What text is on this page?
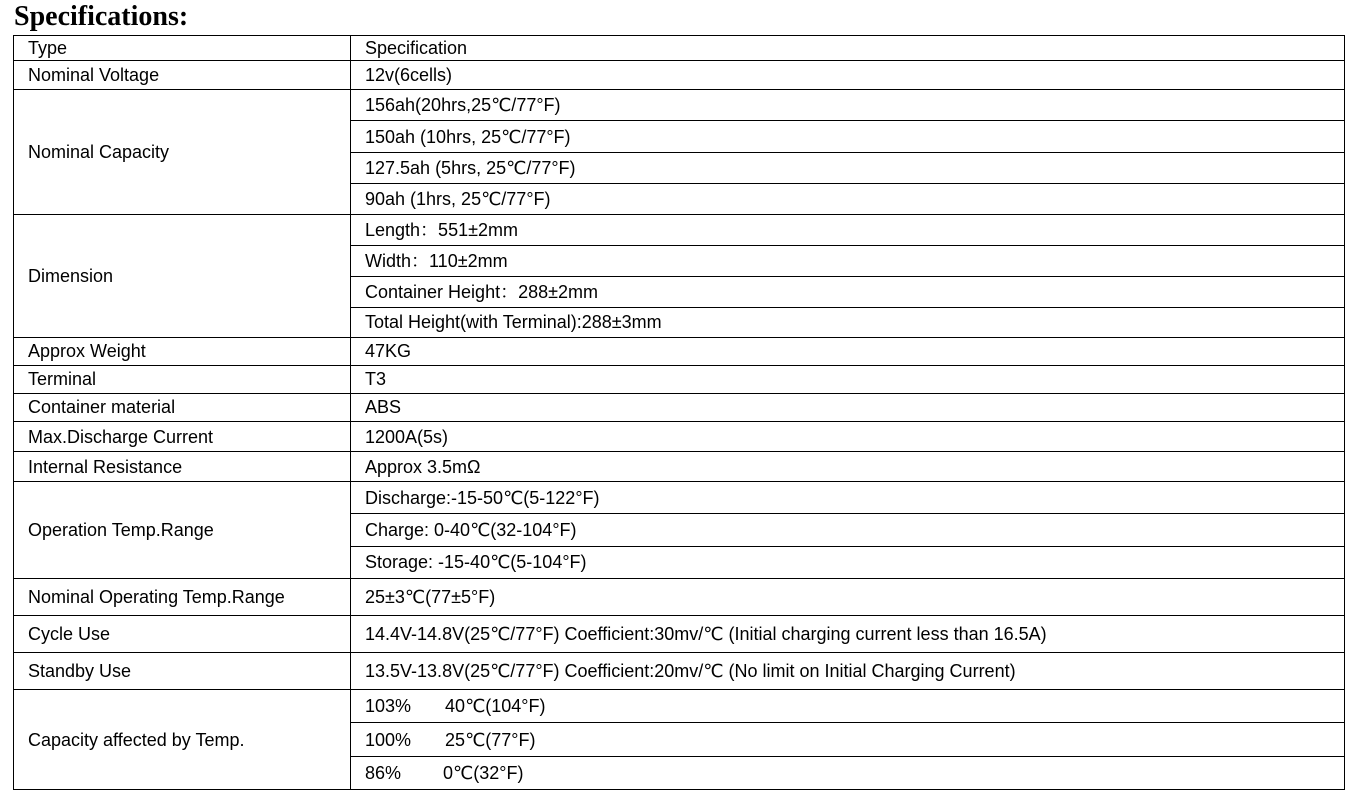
Specifications:
Type	Specification
Nominal Voltage	12v(6cells)
Nominal Capacity	156ah(20hrs,25℃/77°F)
	150ah (10hrs, 25℃/77°F)
	127.5ah (5hrs, 25℃/77°F)
	90ah (1hrs, 25℃/77°F)
Dimension	Length：551±2mm
	Width：110±2mm
	Container Height：288±2mm
	Total Height(with Terminal):288±3mm
Approx Weight	47KG
Terminal	T3
Container material	ABS
Max.Discharge Current	1200A(5s)
Internal Resistance	Approx 3.5mΩ
Operation Temp.Range	Discharge:-15-50℃(5-122°F)
	Charge: 0-40℃(32-104°F)
	Storage: -15-40℃(5-104°F)
Nominal Operating Temp.Range	25±3℃(77±5°F)
Cycle Use	14.4V-14.8V(25℃/77°F) Coefficient:30mv/℃ (Initial charging current less than 16.5A)
Standby Use	13.5V-13.8V(25℃/77°F) Coefficient:20mv/℃ (No limit on Initial Charging Current)
Capacity affected by Temp.	103% 40℃(104°F)
	100% 25℃(77°F)
	86% 0℃(32°F)
